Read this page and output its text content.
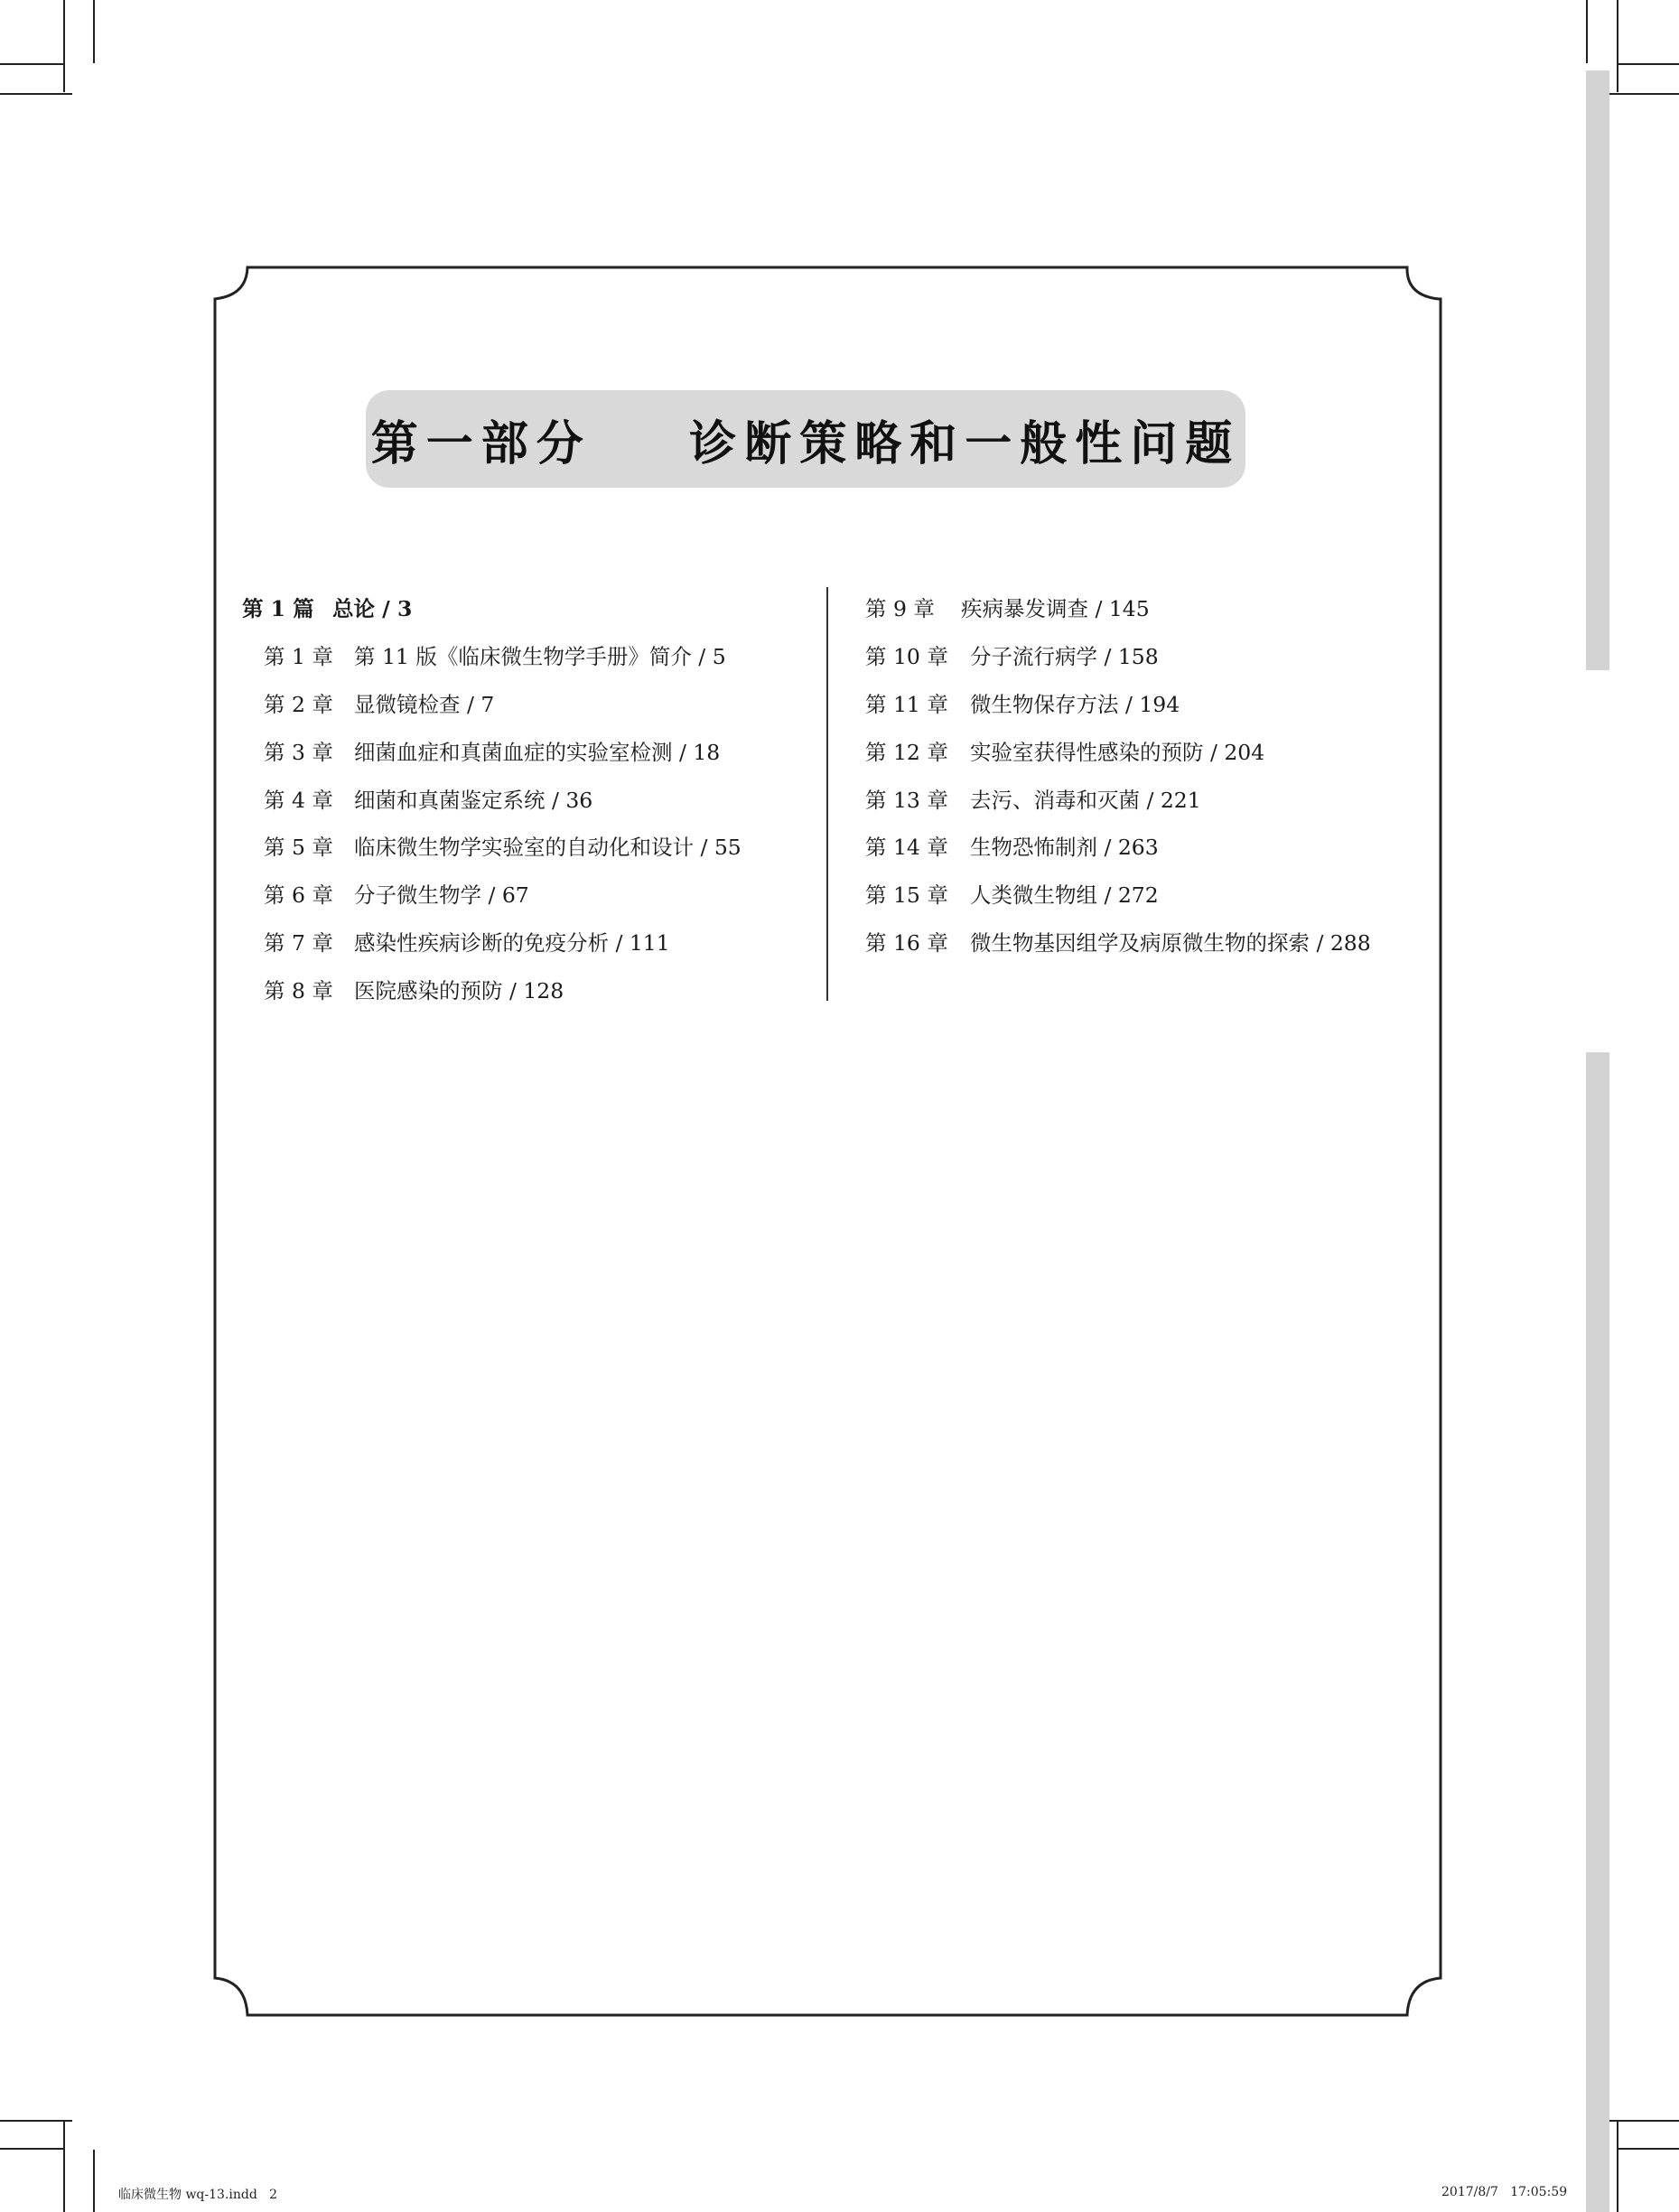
第一部分    诊断策略和一般性问题
第 1 篇 总论 / 3
第 1 章 第 11 版《临床微生物学手册》简介 / 5
第 2 章 显微镜检查 / 7
第 3 章 细菌血症和真菌血症的实验室检测 / 18
第 4 章 细菌和真菌鉴定系统 / 36
第 5 章 临床微生物学实验室的自动化和设计 / 55
第 6 章 分子微生物学 / 67
第 7 章 感染性疾病诊断的免疫分析 / 111
第 8 章 医院感染的预防 / 128
第 9 章	疾病暴发调查 / 145
第 10 章	分子流行病学 / 158
第 11 章	微生物保存方法 / 194
第 12 章	实验室获得性感染的预防 / 204
第 13 章	去污、消毒和灭菌 / 221
第 14 章	生物恐怖制剂 / 263
第 15 章	人类微生物组 / 272
第 16 章	微生物基因组学及病原微生物的探索 / 288
临床微生物 wq-13.indd   2	2017/8/7   17:05:59
